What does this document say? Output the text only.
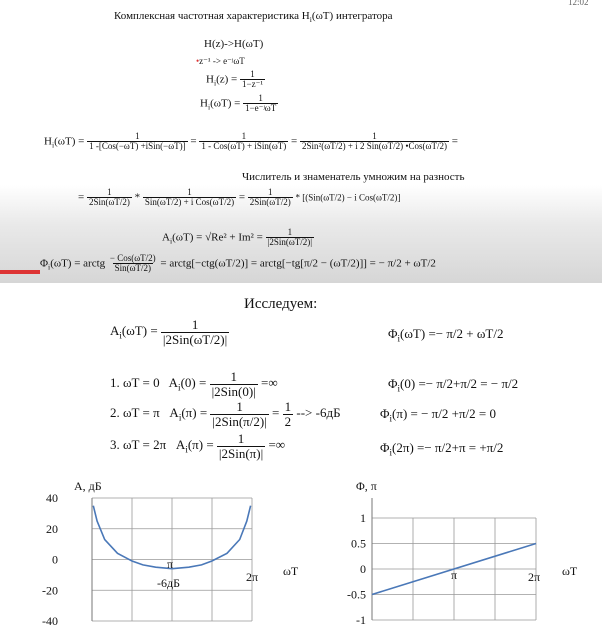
12:02
Комплексная частотная характеристика $H_i(\omega T)$ интегратора
H(z)->H(ωT)
•z⁻¹ -> e⁻ʲωT
$H_i(z) = \frac{1}{\text{1−z⁻¹}}$
$H_i(\omega T) = \frac{1}{\text{1−e⁻ʲωT}}$
$H_i(\omega T) = \frac{1}{\text{1 -[Cos(−ωT) +iSin(−ωT)]}} = \frac{1}{\text{1 - Cos(ωT) + iSin(ωT)}} = \frac{1}{\text{2Sin²(ωT/2) + i 2 Sin(ωT/2) •Cos(ωT/2)}}$ =
Числитель и знаменатель умножим на разность
= $\frac{1}{\text{2Sin(ωT/2)}} * \frac{1}{\text{Sin(ωT/2) + i Cos(ωT/2)}} = \frac{1}{\text{2Sin(ωT/2)}} * [(Sin(\omega T/2) - i$ Cos(ωT/2)]
$A_i(\omega T) = √Re^2 + Im^2 = \frac{1}{\text{|2Sin(ωT/2)|}}$
$\Phi_i(\omega T)$ = arctg $\frac{\text{− Cos(ωT/2)}}{\text{Sin(ωT/2)}}$ = arctg[−ctg(ωT/2)] = arctg[−tg[π/2 − (ωT/2)]] = − π/2 + ωT/2
Исследуем:
$A_i(\omega T) = \frac{1}{\text{|2Sin(ωT/2)|}}$	$\Phi_i(\omega T) =- \pi/2 + \omega T/2$
1. ωT = 0 $A_i(0) = \frac{1}{\text{|2Sin(0)|}}$ =∞	$\Phi_i(0) =- \pi/2+\pi/2$ = − π/2
2. ωT = π $A_i(\pi) = \frac{1}{\text{|2Sin(π/2)|}} = \frac{1}{2}$ --> -6дБ	$\Phi_i(\pi)$ = − π/2 +π/2 = 0
3. ωT = 2π $A_i(\pi) = \frac{1}{\text{|2Sin(π)|}}$ =∞	$\Phi_i(2\pi) =- \pi/2+\pi = +\pi/2$
A, дБ
40
20
0
-20
-40
π
2π ωT
-6дБ
Φ, π
1
0.5
0
-0.5
-1
π	2π ωT
